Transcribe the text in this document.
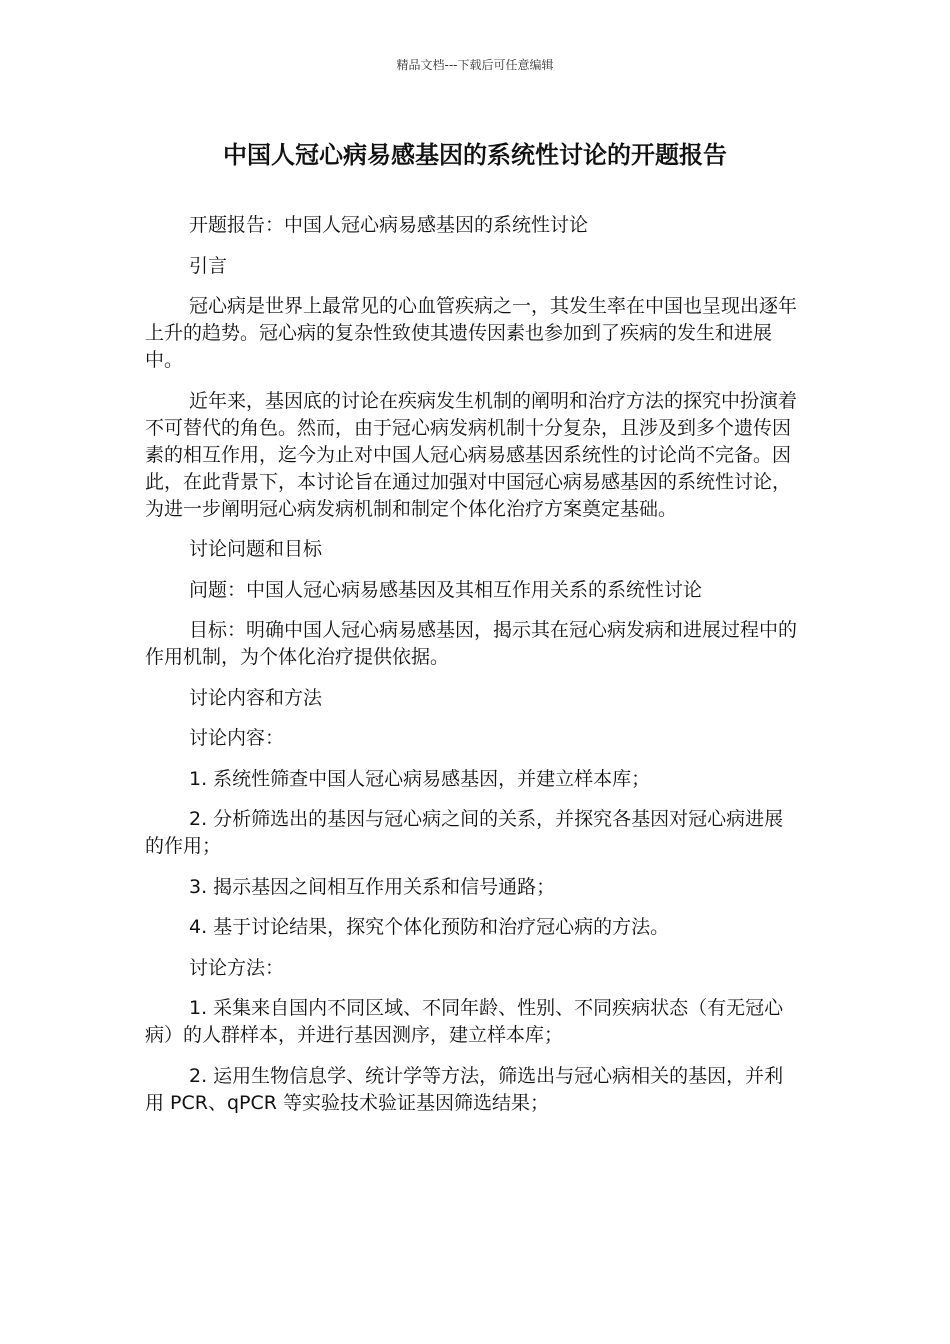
精品文档---下载后可任意编辑
中国人冠心病易感基因的系统性讨论的开题报告

开题报告：中国人冠心病易感基因的系统性讨论

引言

冠心病是世界上最常见的心血管疾病之一，其发生率在中国也呈现出逐年上升的趋势。冠心病的复杂性致使其遗传因素也参加到了疾病的发生和进展中。

近年来，基因底的讨论在疾病发生机制的阐明和治疗方法的探究中扮演着不可替代的角色。然而，由于冠心病发病机制十分复杂，且涉及到多个遗传因素的相互作用，迄今为止对中国人冠心病易感基因系统性的讨论尚不完备。因此，在此背景下，本讨论旨在通过加强对中国冠心病易感基因的系统性讨论，为进一步阐明冠心病发病机制和制定个体化治疗方案奠定基础。

讨论问题和目标

问题：中国人冠心病易感基因及其相互作用关系的系统性讨论

目标：明确中国人冠心病易感基因，揭示其在冠心病发病和进展过程中的作用机制，为个体化治疗提供依据。

讨论内容和方法

讨论内容：

1. 系统性筛查中国人冠心病易感基因，并建立样本库；

2. 分析筛选出的基因与冠心病之间的关系，并探究各基因对冠心病进展的作用；

3. 揭示基因之间相互作用关系和信号通路；

4. 基于讨论结果，探究个体化预防和治疗冠心病的方法。

讨论方法：

1. 采集来自国内不同区域、不同年龄、性别、不同疾病状态（有无冠心病）的人群样本，并进行基因测序，建立样本库；

2. 运用生物信息学、统计学等方法，筛选出与冠心病相关的基因，并利用 PCR、qPCR 等实验技术验证基因筛选结果；
